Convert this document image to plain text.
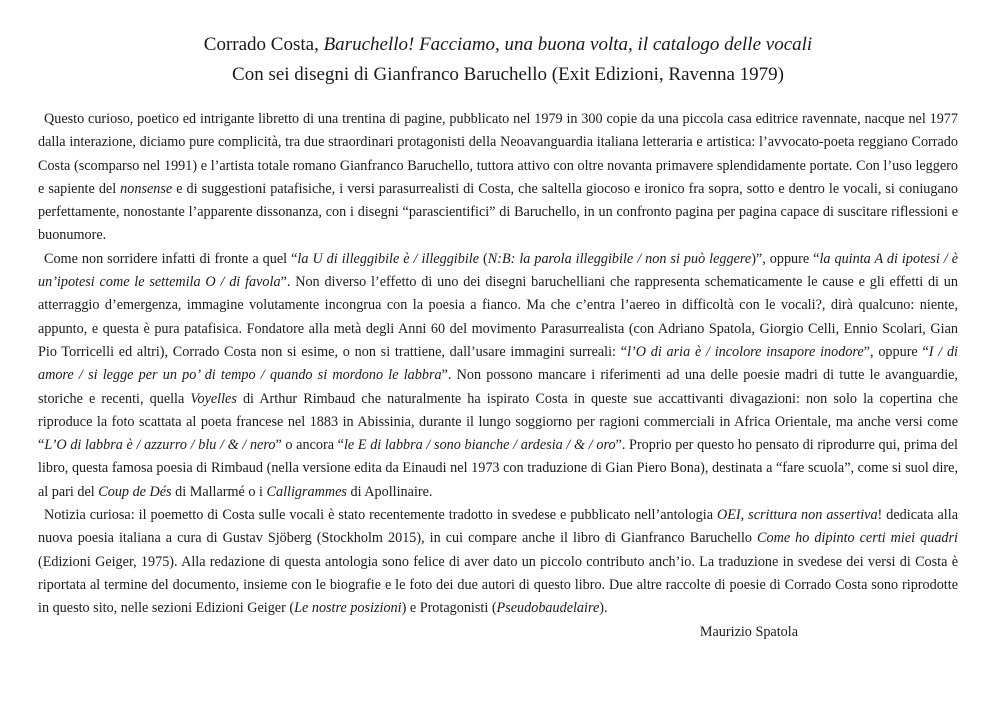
Corrado Costa, Baruchello! Facciamo, una buona volta, il catalogo delle vocali
Con sei disegni di Gianfranco Baruchello (Exit Edizioni, Ravenna 1979)

Questo curioso, poetico ed intrigante libretto di una trentina di pagine, pubblicato nel 1979 in 300 copie da una piccola casa editrice ravennate, nacque nel 1977 dalla interazione, diciamo pure complicità, tra due straordinari protagonisti della Neoavanguardia italiana letteraria e artistica: l’avvocato-poeta reggiano Corrado Costa (scomparso nel 1991) e l’artista totale romano Gianfranco Baruchello, tuttora attivo con oltre novanta primavere splendidamente portate. Con l’uso leggero e sapiente del nonsense e di suggestioni patafisiche, i versi parasurrealisti di Costa, che saltella giocoso e ironico fra sopra, sotto e dentro le vocali, si coniugano perfettamente, nonostante l’apparente dissonanza, con i disegni “parascientifici” di Baruchello, in un confronto pagina per pagina capace di suscitare riflessioni e buonumore.

Come non sorridere infatti di fronte a quel “la U di illeggibile è / illeggibile (N:B: la parola illeggibile / non si può leggere)”, oppure “la quinta A di ipotesi / è un’ipotesi come le settemila O / di favola”. Non diverso l’effetto di uno dei disegni baruchelliani che rappresenta schematicamente le cause e gli effetti di un atterraggio d’emergenza, immagine volutamente incongrua con la poesia a fianco. Ma che c’entra l’aereo in difficoltà con le vocali?, dirà qualcuno: niente, appunto, e questa è pura patafisica. Fondatore alla metà degli Anni 60 del movimento Parasurrealista (con Adriano Spatola, Giorgio Celli, Ennio Scolari, Gian Pio Torricelli ed altri), Corrado Costa non si esime, o non si trattiene, dall’usare immagini surreali: “l’O di aria è / incolore insapore inodore”, oppure “I / di amore / si legge per un po’ di tempo / quando si mordono le labbra”. Non possono mancare i riferimenti ad una delle poesie madri di tutte le avanguardie, storiche e recenti, quella Voyelles di Arthur Rimbaud che naturalmente ha ispirato Costa in queste sue accattivanti divagazioni: non solo la copertina che riproduce la foto scattata al poeta francese nel 1883 in Abissinia, durante il lungo soggiorno per ragioni commerciali in Africa Orientale, ma anche versi come “L’O di labbra è / azzurro / blu / & / nero” o ancora “le E di labbra / sono bianche / ardesia / & / oro”. Proprio per questo ho pensato di riprodurre qui, prima del libro, questa famosa poesia di Rimbaud (nella versione edita da Einaudi nel 1973 con traduzione di Gian Piero Bona), destinata a “fare scuola”, come si suol dire, al pari del Coup de Dés di Mallarmé o i Calligrammes di Apollinaire.

Notizia curiosa: il poemetto di Costa sulle vocali è stato recentemente tradotto in svedese e pubblicato nell’antologia OEI, scrittura non assertiva! dedicata alla nuova poesia italiana a cura di Gustav Sjöberg (Stockholm 2015), in cui compare anche il libro di Gianfranco Baruchello Come ho dipinto certi miei quadri (Edizioni Geiger, 1975). Alla redazione di questa antologia sono felice di aver dato un piccolo contributo anch’io. La traduzione in svedese dei versi di Costa è riportata al termine del documento, insieme con le biografie e le foto dei due autori di questo libro. Due altre raccolte di poesie di Corrado Costa sono riprodotte in questo sito, nelle sezioni Edizioni Geiger (Le nostre posizioni) e Protagonisti (Pseudobaudelaire).

Maurizio Spatola
